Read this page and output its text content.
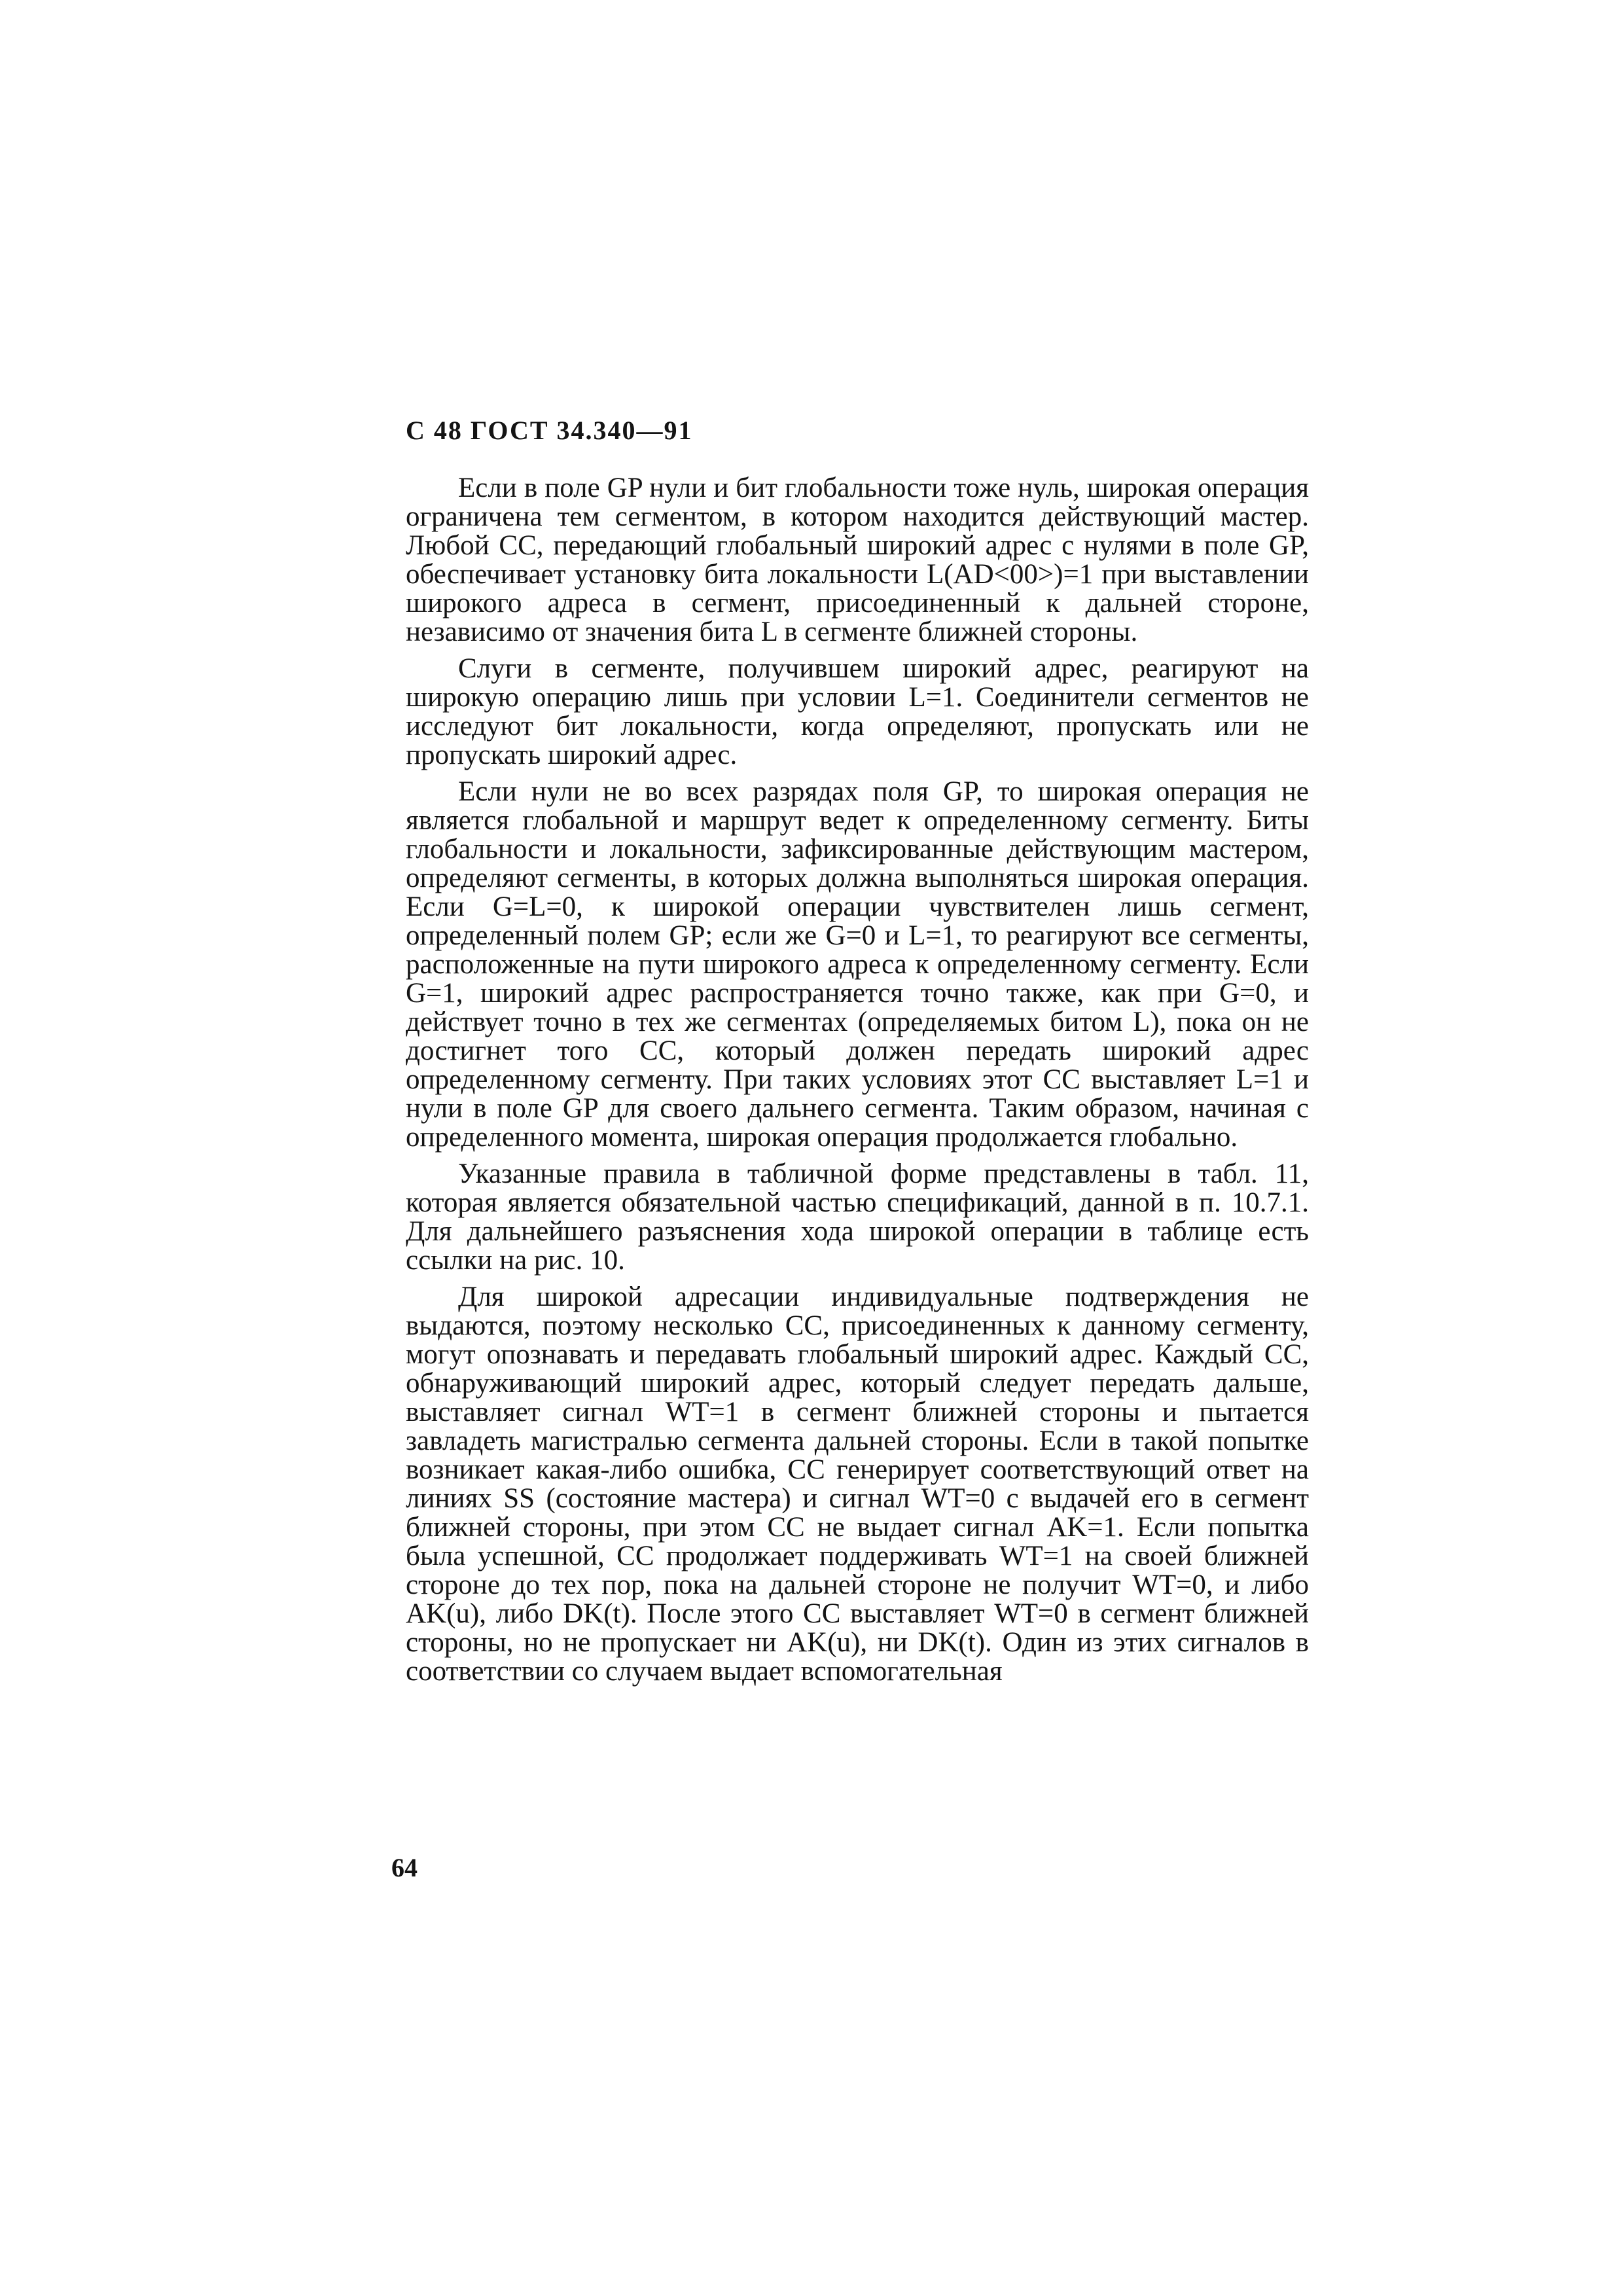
С 48 ГОСТ 34.340—91

Если в поле GP нули и бит глобальности тоже нуль, широкая операция ограничена тем сегментом, в котором находится действующий мастер. Любой СС, передающий глобальный широкий адрес с нулями в поле GP, обеспечивает установку бита локальности L(AD<00>)=1 при выставлении широкого адреса в сегмент, присоединенный к дальней стороне, независимо от значения бита L в сегменте ближней стороны.

Слуги в сегменте, получившем широкий адрес, реагируют на широкую операцию лишь при условии L=1. Соединители сегментов не исследуют бит локальности, когда определяют, пропускать или не пропускать широкий адрес.

Если нули не во всех разрядах поля GP, то широкая операция не является глобальной и маршрут ведет к определенному сегменту. Биты глобальности и локальности, зафиксированные действующим мастером, определяют сегменты, в которых должна выполняться широкая операция. Если G=L=0, к широкой операции чувствителен лишь сегмент, определенный полем GP; если же G=0 и L=1, то реагируют все сегменты, расположенные на пути широкого адреса к определенному сегменту. Если G=1, широкий адрес распространяется точно также, как при G=0, и действует точно в тех же сегментах (определяемых битом L), пока он не достигнет того СС, который должен передать широкий адрес определенному сегменту. При таких условиях этот СС выставляет L=1 и нули в поле GP для своего дальнего сегмента. Таким образом, начиная с определенного момента, широкая операция продолжается глобально.

Указанные правила в табличной форме представлены в табл. 11, которая является обязательной частью спецификаций, данной в п. 10.7.1. Для дальнейшего разъяснения хода широкой операции в таблице есть ссылки на рис. 10.

Для широкой адресации индивидуальные подтверждения не выдаются, поэтому несколько СС, присоединенных к данному сегменту, могут опознавать и передавать глобальный широкий адрес. Каждый СС, обнаруживающий широкий адрес, который следует передать дальше, выставляет сигнал WT=1 в сегмент ближней стороны и пытается завладеть магистралью сегмента дальней стороны. Если в такой попытке возникает какая-либо ошибка, СС генерирует соответствующий ответ на линиях SS (состояние мастера) и сигнал WT=0 с выдачей его в сегмент ближней стороны, при этом СС не выдает сигнал AK=1. Если попытка была успешной, СС продолжает поддерживать WT=1 на своей ближней стороне до тех пор, пока на дальней стороне не получит WT=0, и либо AK(u), либо DK(t). После этого СС выставляет WT=0 в сегмент ближней стороны, но не пропускает ни AK(u), ни DK(t). Один из этих сигналов в соответствии со случаем выдает вспомогательная

64
